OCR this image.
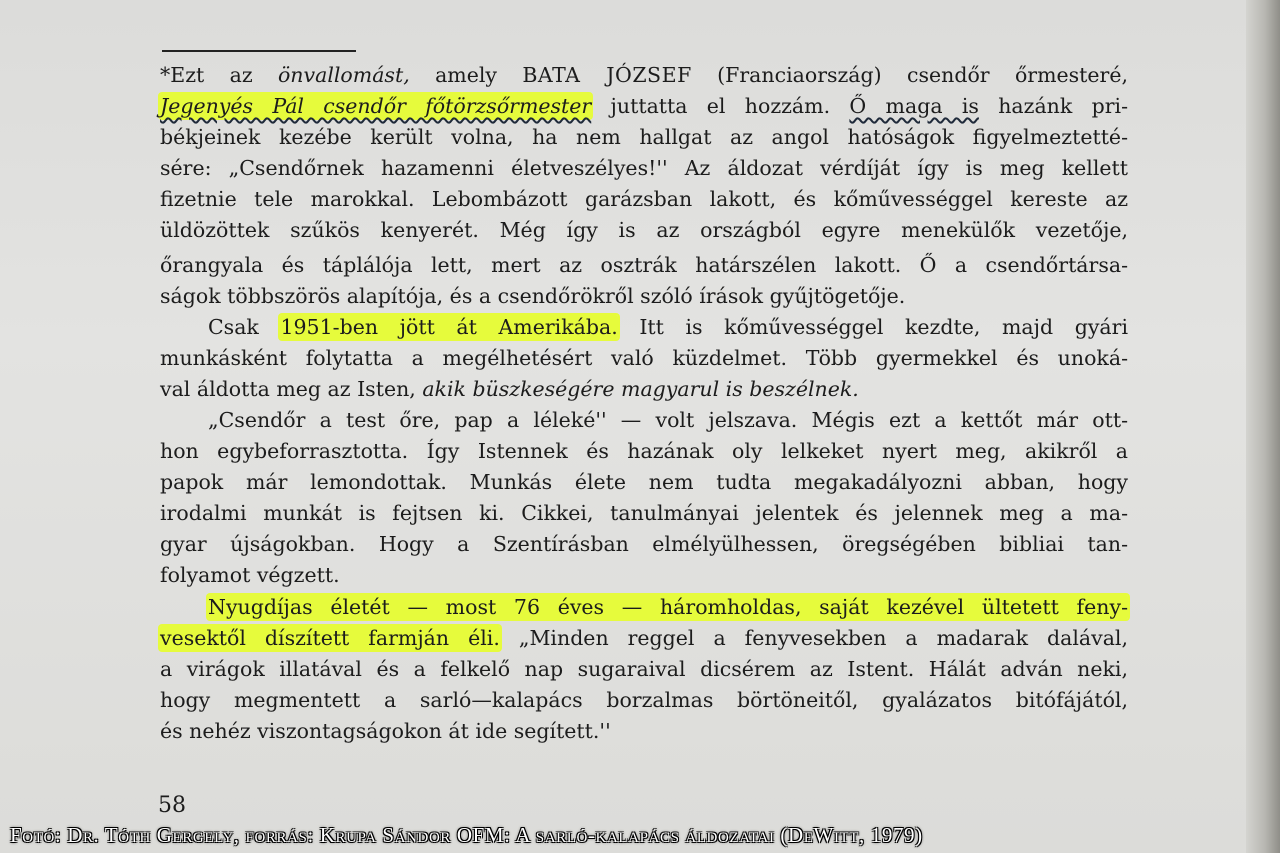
*Ezt az önvallomást, amely BATA JÓZSEF (Franciaország) csendőr őrmesteré,
Jegenyés Pál csendőr főtörzsőrmester juttatta el hozzám. Ő maga is hazánk pri-
békjeinek kezébe került volna, ha nem hallgat az angol hatóságok figyelmeztetté-
sére: „Csendőrnek hazamenni életveszélyes!'' Az áldozat vérdíját így is meg kellett
fizetnie tele marokkal. Lebombázott garázsban lakott, és kőművességgel kereste az
üldözöttek szűkös kenyerét. Még így is az országból egyre menekülők vezetője,
őrangyala és táplálója lett, mert az osztrák határszélen lakott. Ő a csendőrtársa-
ságok többszörös alapítója, és a csendőrökről szóló írások gyűjtögetője.
Csak 1951-ben jött át Amerikába. Itt is kőművességgel kezdte, majd gyári
munkásként folytatta a megélhetésért való küzdelmet. Több gyermekkel és unoká-
val áldotta meg az Isten, akik büszkeségére magyarul is beszélnek.
„Csendőr a test őre, pap a léleké'' — volt jelszava. Mégis ezt a kettőt már ott-
hon egybeforrasztotta. Így Istennek és hazának oly lelkeket nyert meg, akikről a
papok már lemondottak. Munkás élete nem tudta megakadályozni abban, hogy
irodalmi munkát is fejtsen ki. Cikkei, tanulmányai jelentek és jelennek meg a ma-
gyar újságokban. Hogy a Szentírásban elmélyülhessen, öregségében bibliai tan-
folyamot végzett.
Nyugdíjas életét — most 76 éves — háromholdas, saját kezével ültetett feny-
vesektől díszített farmján éli. „Minden reggel a fenyvesekben a madarak dalával,
a virágok illatával és a felkelő nap sugaraival dicsérem az Istent. Hálát adván neki,
hogy megmentett a sarló—kalapács borzalmas börtöneitől, gyalázatos bitófájától,
és nehéz viszontagságokon át ide segített.''
58
Fotó: Dr. Tóth Gergely, forrás: Krupa Sándor OFM: A sarló-kalapács áldozatai (DeWitt, 1979)
